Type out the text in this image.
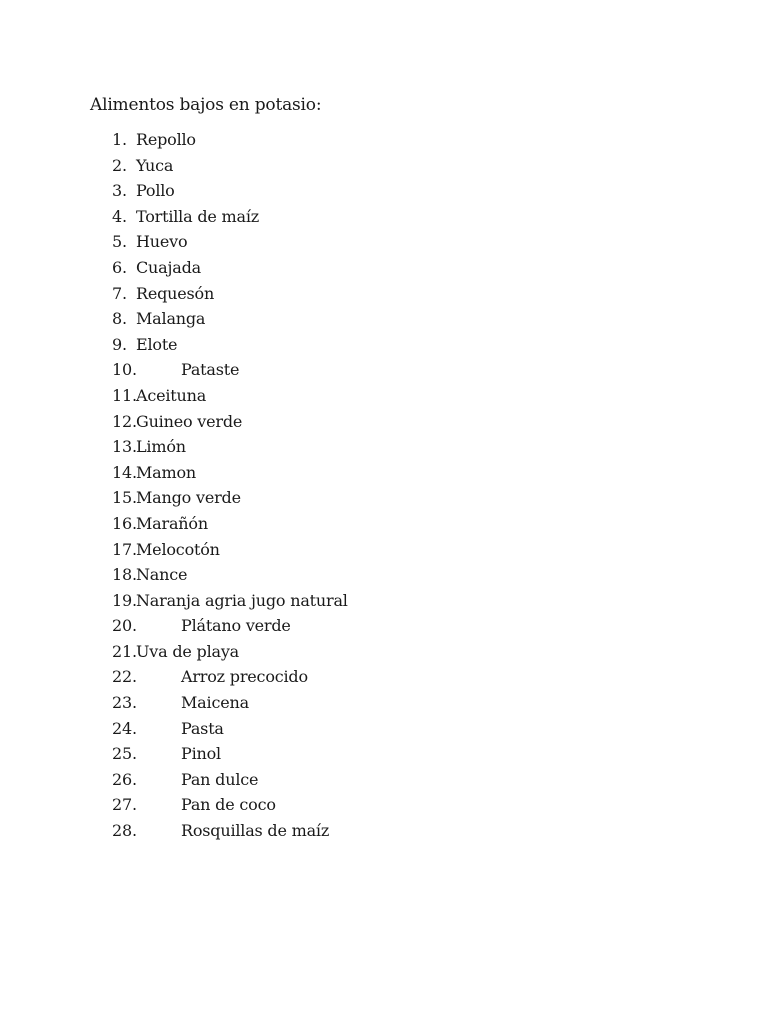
Alimentos bajos en potasio:
1. Repollo
2. Yuca
3. Pollo
4. Tortilla de maíz
5. Huevo
6. Cuajada
7. Requesón
8. Malanga
9. Elote
10.	Pataste
11. Aceituna
12. Guineo verde
13. Limón
14. Mamon
15. Mango verde
16. Marañón
17. Melocotón
18. Nance
19. Naranja agria jugo natural
20.	Plátano verde
21. Uva de playa
22.	Arroz precocido
23.	Maicena
24.	Pasta
25.	Pinol
26.	Pan dulce
27.	Pan de coco
28.	Rosquillas de maíz
